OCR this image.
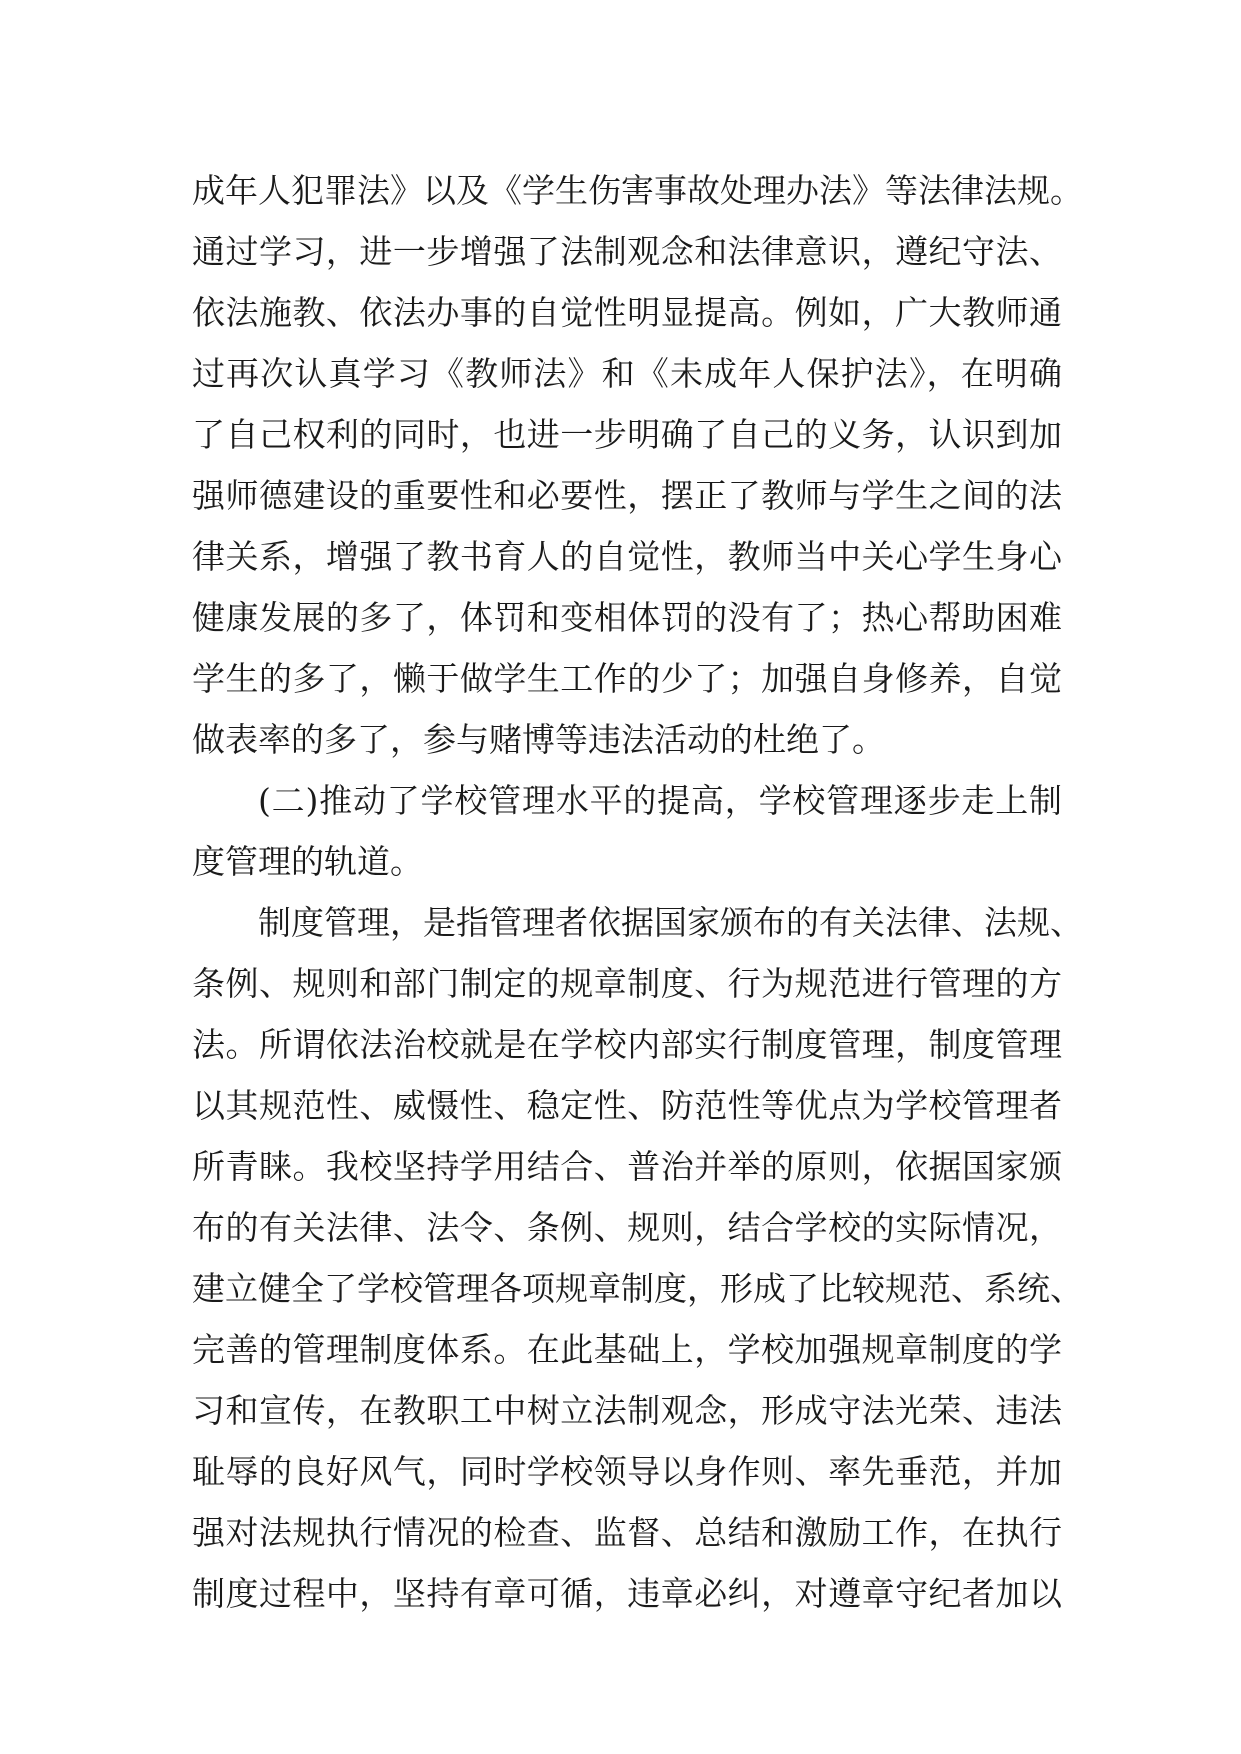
成年人犯罪法》以及《学生伤害事故处理办法》等法律法规。
通过学习，进一步增强了法制观念和法律意识，遵纪守法、
依法施教、依法办事的自觉性明显提高。例如，广大教师通
过再次认真学习《教师法》和《未成年人保护法》，在明确
了自己权利的同时，也进一步明确了自己的义务，认识到加
强师德建设的重要性和必要性，摆正了教师与学生之间的法
律关系，增强了教书育人的自觉性，教师当中关心学生身心
健康发展的多了，体罚和变相体罚的没有了；热心帮助困难
学生的多了，懒于做学生工作的少了；加强自身修养，自觉
做表率的多了，参与赌博等违法活动的杜绝了。
(二)推动了学校管理水平的提高，学校管理逐步走上制
度管理的轨道。
制度管理，是指管理者依据国家颁布的有关法律、法规、
条例、规则和部门制定的规章制度、行为规范进行管理的方
法。所谓依法治校就是在学校内部实行制度管理，制度管理
以其规范性、威慑性、稳定性、防范性等优点为学校管理者
所青睐。我校坚持学用结合、普治并举的原则，依据国家颁
布的有关法律、法令、条例、规则，结合学校的实际情况，
建立健全了学校管理各项规章制度，形成了比较规范、系统、
完善的管理制度体系。在此基础上，学校加强规章制度的学
习和宣传，在教职工中树立法制观念，形成守法光荣、违法
耻辱的良好风气，同时学校领导以身作则、率先垂范，并加
强对法规执行情况的检查、监督、总结和激励工作，在执行
制度过程中，坚持有章可循，违章必纠，对遵章守纪者加以
